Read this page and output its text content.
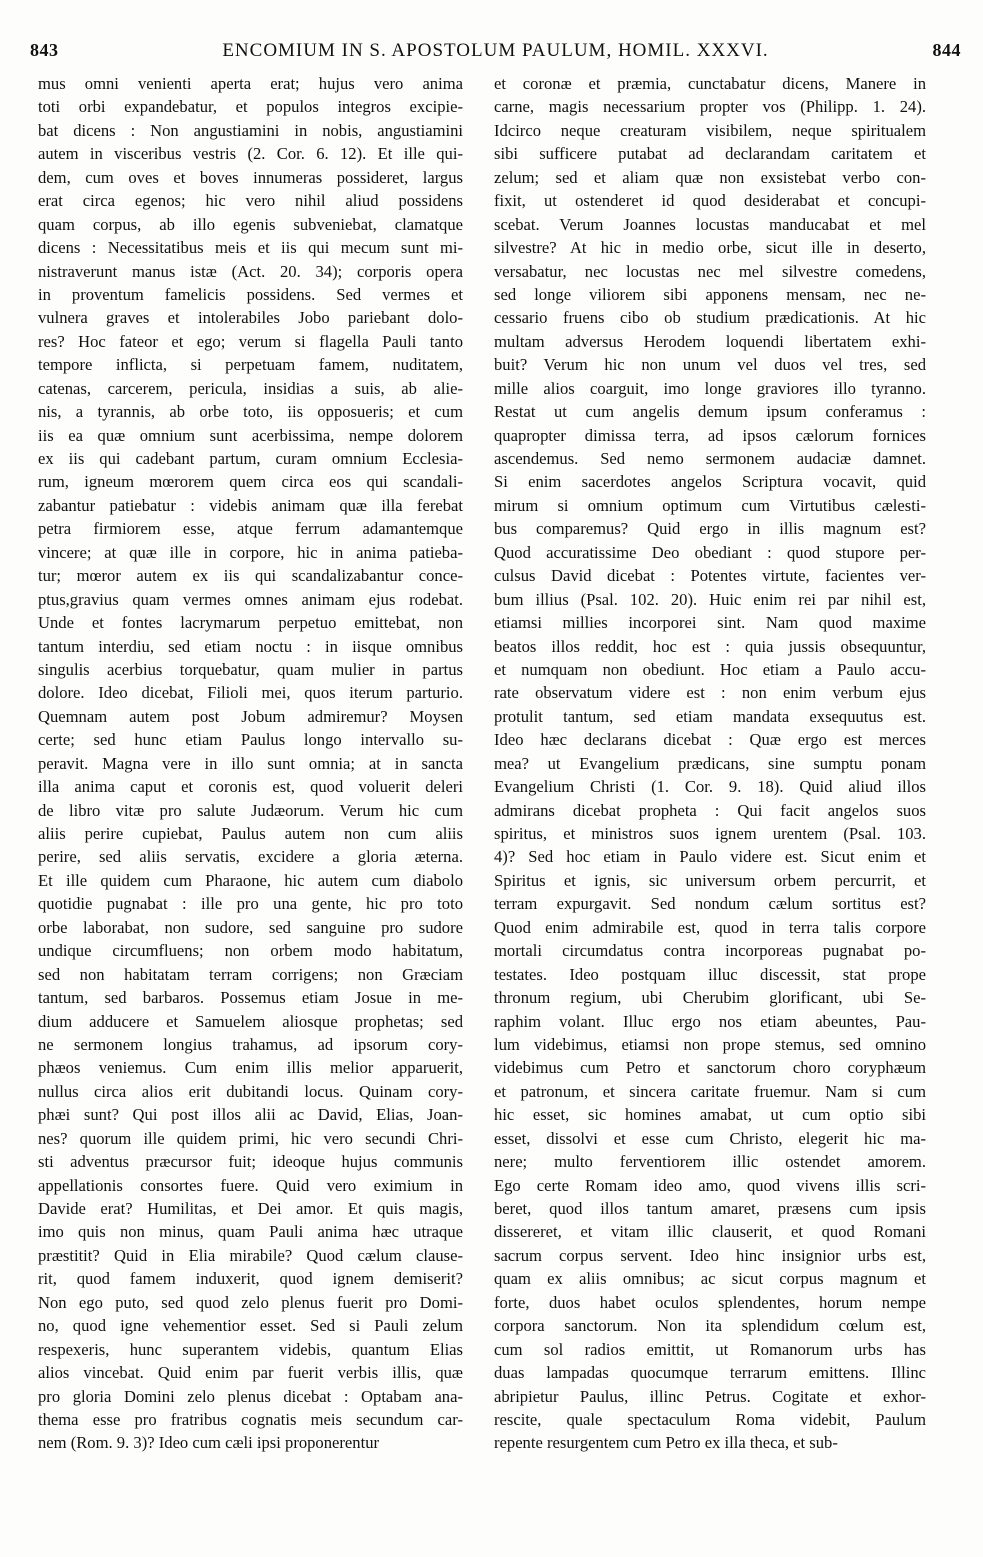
843	ENCOMIUM IN S. APOSTOLUM PAULUM, HOMIL. XXXVI.	844
mus omni venienti aperta erat; hujus vero anima
toti orbi expandebatur, et populos integros excipie-
bat dicens : Non angustiamini in nobis, angustiamini
autem in visceribus vestris (2. Cor. 6. 12). Et ille qui-
dem, cum oves et boves innumeras possideret, largus
erat circa egenos; hic vero nihil aliud possidens
quam corpus, ab illo egenis subveniebat, clamatque
dicens : Necessitatibus meis et iis qui mecum sunt mi-
nistraverunt manus istæ (Act. 20. 34); corporis opera
in proventum famelicis possidens. Sed vermes et
vulnera graves et intolerabiles Jobo pariebant dolo-
res? Hoc fateor et ego; verum si flagella Pauli tanto
tempore inflicta, si perpetuam famem, nuditatem,
catenas, carcerem, pericula, insidias a suis, ab alie-
nis, a tyrannis, ab orbe toto, iis opposueris; et cum
iis ea quæ omnium sunt acerbissima, nempe dolorem
ex iis qui cadebant partum, curam omnium Ecclesia-
rum, igneum mœrorem quem circa eos qui scandali-
zabantur patiebatur : videbis animam quæ illa ferebat
petra firmiorem esse, atque ferrum adamantemque
vincere; at quæ ille in corpore, hic in anima patieba-
tur; mœror autem ex iis qui scandalizabantur conce-
ptus,gravius quam vermes omnes animam ejus rodebat.
Unde et fontes lacrymarum perpetuo emittebat, non
tantum interdiu, sed etiam noctu : in iisque omnibus
singulis acerbius torquebatur, quam mulier in partus
dolore. Ideo dicebat, Filioli mei, quos iterum parturio.
Quemnam autem post Jobum admiremur? Moysen
certe; sed hunc etiam Paulus longo intervallo su-
peravit. Magna vere in illo sunt omnia; at in sancta
illa anima caput et coronis est, quod voluerit deleri
de libro vitæ pro salute Judæorum. Verum hic cum
aliis perire cupiebat, Paulus autem non cum aliis
perire, sed aliis servatis, excidere a gloria æterna.
Et ille quidem cum Pharaone, hic autem cum diabolo
quotidie pugnabat : ille pro una gente, hic pro toto
orbe laborabat, non sudore, sed sanguine pro sudore
undique circumfluens; non orbem modo habitatum,
sed non habitatam terram corrigens; non Græciam
tantum, sed barbaros. Possemus etiam Josue in me-
dium adducere et Samuelem aliosque prophetas; sed
ne sermonem longius trahamus, ad ipsorum cory-
phæos veniemus. Cum enim illis melior apparuerit,
nullus circa alios erit dubitandi locus. Quinam cory-
phæi sunt? Qui post illos alii ac David, Elias, Joan-
nes? quorum ille quidem primi, hic vero secundi Chri-
sti adventus præcursor fuit; ideoque hujus communis
appellationis consortes fuere. Quid vero eximium in
Davide erat? Humilitas, et Dei amor. Et quis magis,
imo quis non minus, quam Pauli anima hæc utraque
præstitit? Quid in Elia mirabile? Quod cælum clause-
rit, quod famem induxerit, quod ignem demiserit?
Non ego puto, sed quod zelo plenus fuerit pro Domi-
no, quod igne vehementior esset. Sed si Pauli zelum
respexeris, hunc superantem videbis, quantum Elias
alios vincebat. Quid enim par fuerit verbis illis, quæ
pro gloria Domini zelo plenus dicebat : Optabam ana-
thema esse pro fratribus cognatis meis secundum car-
nem (Rom. 9. 3)? Ideo cum cæli ipsi proponerentur
et coronæ et præmia, cunctabatur dicens, Manere in
carne, magis necessarium propter vos (Philipp. 1. 24).
Idcirco neque creaturam visibilem, neque spiritualem
sibi sufficere putabat ad declarandam caritatem et
zelum; sed et aliam quæ non exsistebat verbo con-
fixit, ut ostenderet id quod desiderabat et concupi-
scebat. Verum Joannes locustas manducabat et mel
silvestre? At hic in medio orbe, sicut ille in deserto,
versabatur, nec locustas nec mel silvestre comedens,
sed longe viliorem sibi apponens mensam, nec ne-
cessario fruens cibo ob studium prædicationis. At hic
multam adversus Herodem loquendi libertatem exhi-
buit? Verum hic non unum vel duos vel tres, sed
mille alios coarguit, imo longe graviores illo tyranno.
Restat ut cum angelis demum ipsum conferamus :
quapropter dimissa terra, ad ipsos cælorum fornices
ascendemus. Sed nemo sermonem audaciæ damnet.
Si enim sacerdotes angelos Scriptura vocavit, quid
mirum si omnium optimum cum Virtutibus cælesti-
bus comparemus? Quid ergo in illis magnum est?
Quod accuratissime Deo obediant : quod stupore per-
culsus David dicebat : Potentes virtute, facientes ver-
bum illius (Psal. 102. 20). Huic enim rei par nihil est,
etiamsi millies incorporei sint. Nam quod maxime
beatos illos reddit, hoc est : quia jussis obsequuntur,
et numquam non obediunt. Hoc etiam a Paulo accu-
rate observatum videre est : non enim verbum ejus
protulit tantum, sed etiam mandata exsequutus est.
Ideo hæc declarans dicebat : Quæ ergo est merces
mea? ut Evangelium prædicans, sine sumptu ponam
Evangelium Christi (1. Cor. 9. 18). Quid aliud illos
admirans dicebat propheta : Qui facit angelos suos
spiritus, et ministros suos ignem urentem (Psal. 103.
4)? Sed hoc etiam in Paulo videre est. Sicut enim et
Spiritus et ignis, sic universum orbem percurrit, et
terram expurgavit. Sed nondum cælum sortitus est?
Quod enim admirabile est, quod in terra talis corpore
mortali circumdatus contra incorporeas pugnabat po-
testates. Ideo postquam illuc discessit, stat prope
thronum regium, ubi Cherubim glorificant, ubi Se-
raphim volant. Illuc ergo nos etiam abeuntes, Pau-
lum videbimus, etiamsi non prope stemus, sed omnino
videbimus cum Petro et sanctorum choro coryphæum
et patronum, et sincera caritate fruemur. Nam si cum
hic esset, sic homines amabat, ut cum optio sibi
esset, dissolvi et esse cum Christo, elegerit hic ma-
nere; multo ferventiorem illic ostendet amorem.
Ego certe Romam ideo amo, quod vivens illis scri-
beret, quod illos tantum amaret, præsens cum ipsis
dissereret, et vitam illic clauserit, et quod Romani
sacrum corpus servent. Ideo hinc insignior urbs est,
quam ex aliis omnibus; ac sicut corpus magnum et
forte, duos habet oculos splendentes, horum nempe
corpora sanctorum. Non ita splendidum cœlum est,
cum sol radios emittit, ut Romanorum urbs has
duas lampadas quocumque terrarum emittens. Illinc
abripietur Paulus, illinc Petrus. Cogitate et exhor-
rescite, quale spectaculum Roma videbit, Paulum
repente resurgentem cum Petro ex illa theca, et sub-
